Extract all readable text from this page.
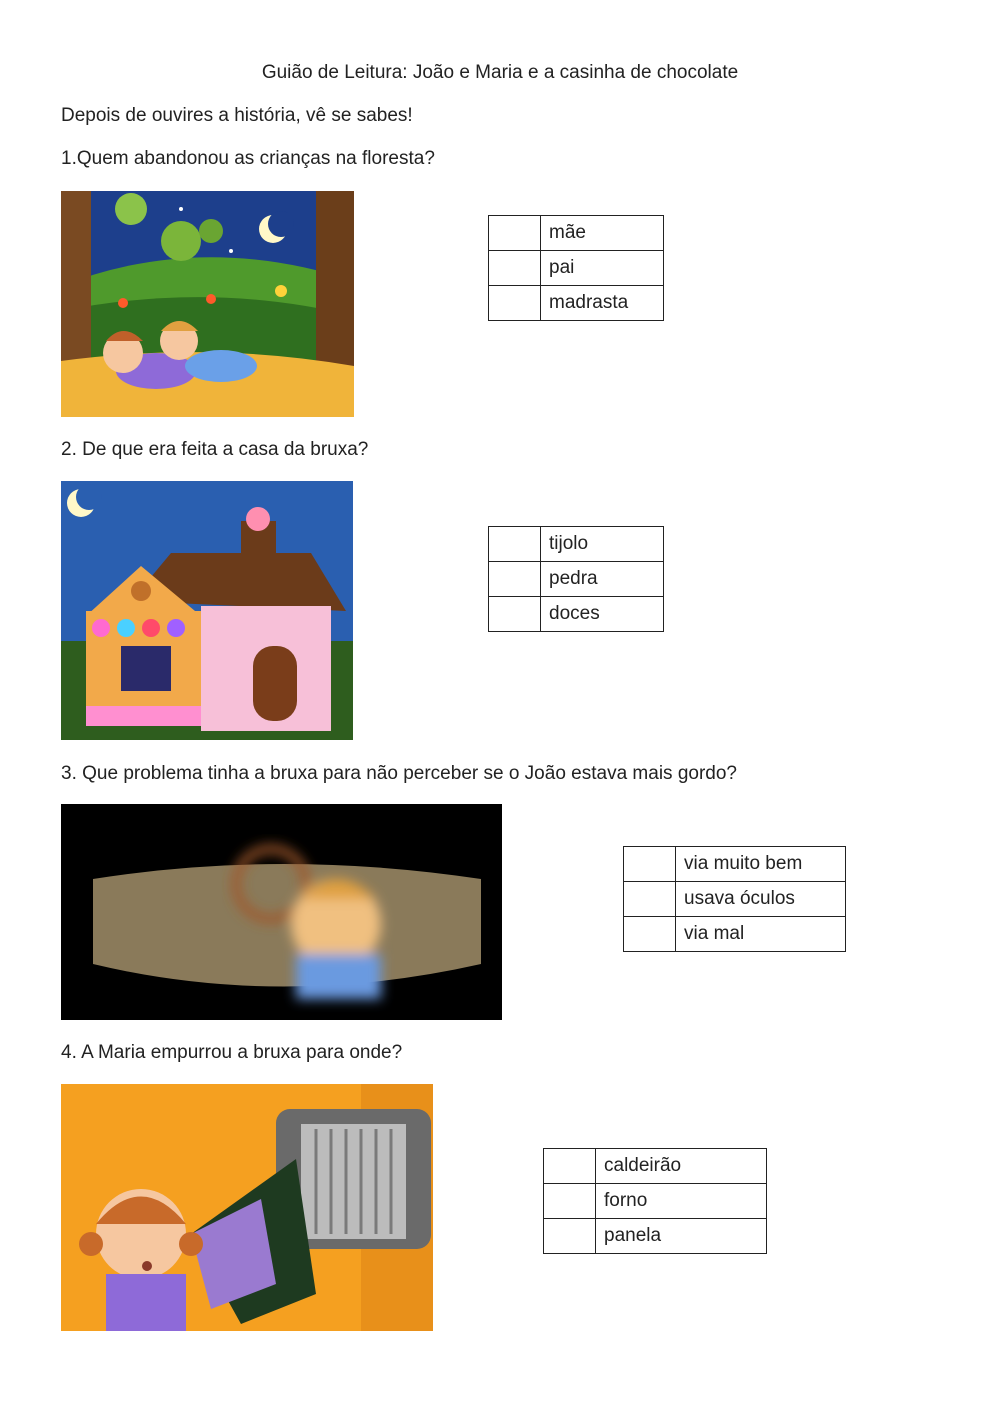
Guião de Leitura: João e Maria e a casinha de chocolate
Depois de ouvires a história, vê se sabes!
1.Quem abandonou as crianças na floresta?
	mãe

	pai

	madrasta
2. De que era feita a casa da bruxa?
	tijolo

	pedra

	doces
3. Que problema tinha a bruxa para não perceber se o João estava mais gordo?
	via muito bem

	usava óculos

	via mal
4. A Maria empurrou a bruxa para onde?
	caldeirão

	forno

	panela
